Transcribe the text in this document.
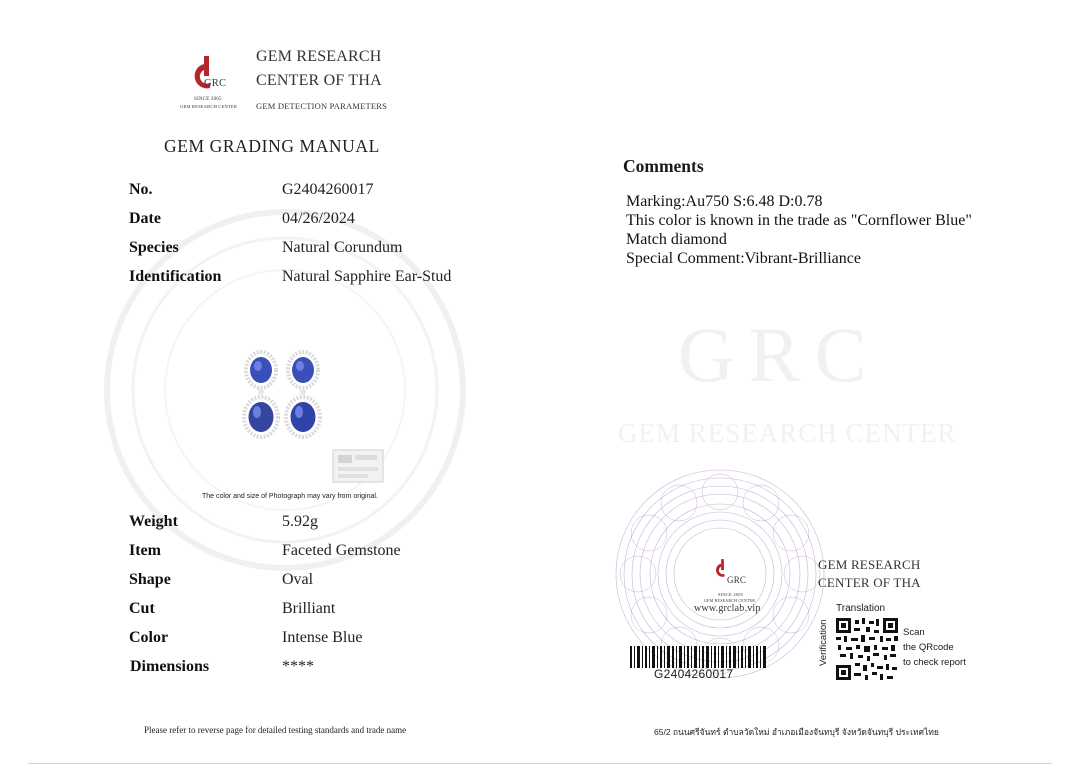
GRC
GEM RESEARCH CENTER
GRC
SINCE 2005
GEM RESEARCH CENTER
GEM RESEARCH
CENTER OF THA
GEM DETECTION PARAMETERS
GEM GRADING MANUAL
No.	G2404260017
Date	04/26/2024
Species	Natural Corundum
Identification	Natural Sapphire Ear-Stud
The color and size of Photograph may vary from original.
Weight	5.92g
Item	Faceted Gemstone
Shape	Oval
Cut	Brilliant
Color	Intense Blue
Dimensions	****
Comments
Marking:Au750 S:6.48 D:0.78
This color is known in the trade as "Cornflower Blue"
Match diamond
Special Comment:Vibrant-Brilliance
GRC
SINCE 2005
GEM RESEARCH CENTER
www.grclab.vip
GEM RESEARCH
CENTER OF THA
Translation
Verification	Scan
the QRcode
to check report
G2404260017
Please refer to reverse page for detailed testing standards and trade name	65/2 ถนนศรีจันทร์ ตำบลวัดใหม่ อำเภอเมืองจันทบุรี จังหวัดจันทบุรี ประเทศไทย
